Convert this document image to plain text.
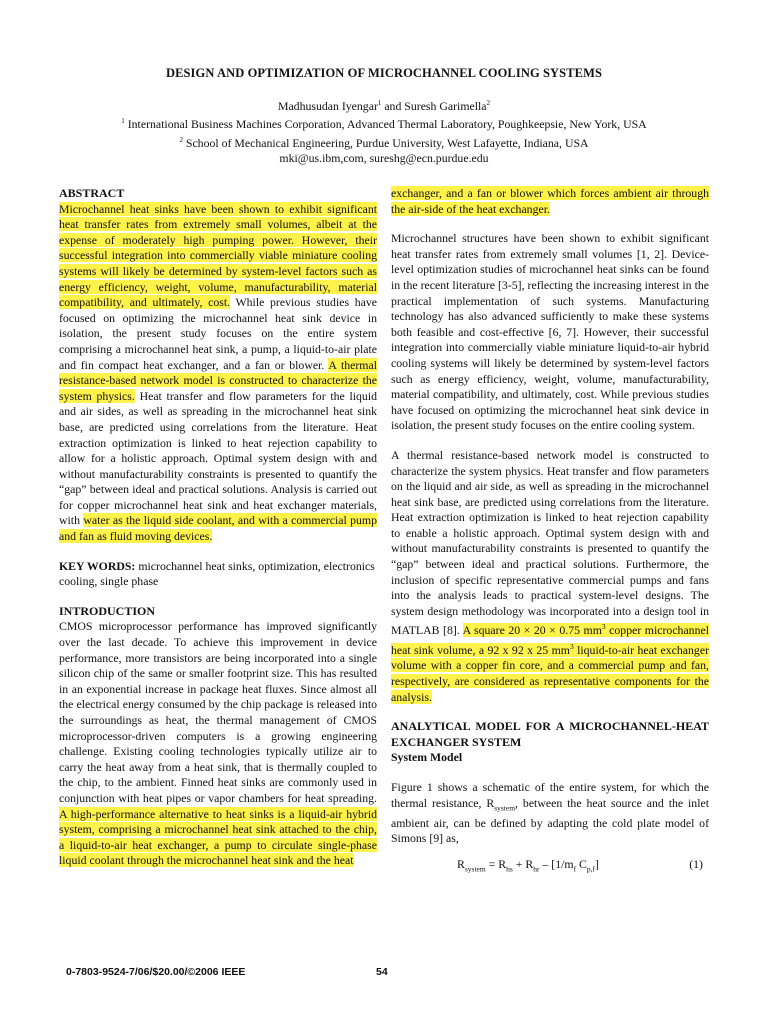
DESIGN AND OPTIMIZATION OF MICROCHANNEL COOLING SYSTEMS
Madhusudan Iyengar$^1$ and Suresh Garimella$^2$
$^1$ International Business Machines Corporation, Advanced Thermal Laboratory, Poughkeepsie, New York, USA
$^2$ School of Mechanical Engineering, Purdue University, West Lafayette, Indiana, USA
mki@us.ibm,com, sureshg@ecn.purdue.edu

ABSTRACT

Microchannel heat sinks have been shown to exhibit significant heat transfer rates from extremely small volumes, albeit at the expense of moderately high pumping power. However, their successful integration into commercially viable miniature cooling systems will likely be determined by system-level factors such as energy efficiency, weight, volume, manufacturability, material compatibility, and ultimately, cost. While previous studies have focused on optimizing the microchannel heat sink device in isolation, the present study focuses on the entire system comprising a microchannel heat sink, a pump, a liquid-to-air plate and fin compact heat exchanger, and a fan or blower. A thermal resistance-based network model is constructed to characterize the system physics. Heat transfer and flow parameters for the liquid and air sides, as well as spreading in the microchannel heat sink base, are predicted using correlations from the literature. Heat extraction optimization is linked to heat rejection capability to allow for a holistic approach. Optimal system design with and without manufacturability constraints is presented to quantify the “gap” between ideal and practical solutions. Analysis is carried out for copper microchannel heat sink and heat exchanger materials, with water as the liquid side coolant, and with a commercial pump and fan as fluid moving devices.

KEY WORDS: microchannel heat sinks, optimization, electronics cooling, single phase

INTRODUCTION

CMOS microprocessor performance has improved significantly over the last decade. To achieve this improvement in device performance, more transistors are being incorporated into a single silicon chip of the same or smaller footprint size. This has resulted in an exponential increase in package heat fluxes. Since almost all the electrical energy consumed by the chip package is released into the surroundings as heat, the thermal management of CMOS microprocessor-driven computers is a growing engineering challenge. Existing cooling technologies typically utilize air to carry the heat away from a heat sink, that is thermally coupled to the chip, to the ambient. Finned heat sinks are commonly used in conjunction with heat pipes or vapor chambers for heat spreading. A high-performance alternative to heat sinks is a liquid-air hybrid system, comprising a microchannel heat sink attached to the chip, a liquid-to-air heat exchanger, a pump to circulate single-phase liquid coolant through the microchannel heat sink and the heat

exchanger, and a fan or blower which forces ambient air through the air-side of the heat exchanger.

Microchannel structures have been shown to exhibit significant heat transfer rates from extremely small volumes [1, 2]. Device-level optimization studies of microchannel heat sinks can be found in the recent literature [3-5], reflecting the increasing interest in the practical implementation of such systems. Manufacturing technology has also advanced sufficiently to make these systems both feasible and cost-effective [6, 7]. However, their successful integration into commercially viable miniature liquid-to-air hybrid cooling systems will likely be determined by system-level factors such as energy efficiency, weight, volume, manufacturability, material compatibility, and ultimately, cost. While previous studies have focused on optimizing the microchannel heat sink device in isolation, the present study focuses on the entire cooling system.

A thermal resistance-based network model is constructed to characterize the system physics. Heat transfer and flow parameters on the liquid and air side, as well as spreading in the microchannel heat sink base, are predicted using correlations from the literature. Heat extraction optimization is linked to heat rejection capability to enable a holistic approach. Optimal system design with and without manufacturability constraints is presented to quantify the “gap” between ideal and practical solutions. Furthermore, the inclusion of specific representative commercial pumps and fans into the analysis leads to practical system-level designs. The system design methodology was incorporated into a design tool in MATLAB [8]. A square 20 × 20 × 0.75 $mm^3$ copper microchannel heat sink volume, a 92 x 92 x 25 $mm^3$ liquid-to-air heat exchanger volume with a copper fin core, and a commercial pump and fan, respectively, are considered as representative components for the analysis.

ANALYTICAL MODEL FOR A MICROCHANNEL-HEAT EXCHANGER SYSTEM

System Model

Figure 1 shows a schematic of the entire system, for which the thermal resistance, $R_{system}$, between the heat source and the inlet ambient air, can be defined by adapting the cold plate model of Simons [9] as,

$R_{system} = R_{hs} + R_{hr} - [1/m_f$ $C_{p,f}$]	(1)
0-7803-9524-7/06/$20.00/©2006 IEEE	54
